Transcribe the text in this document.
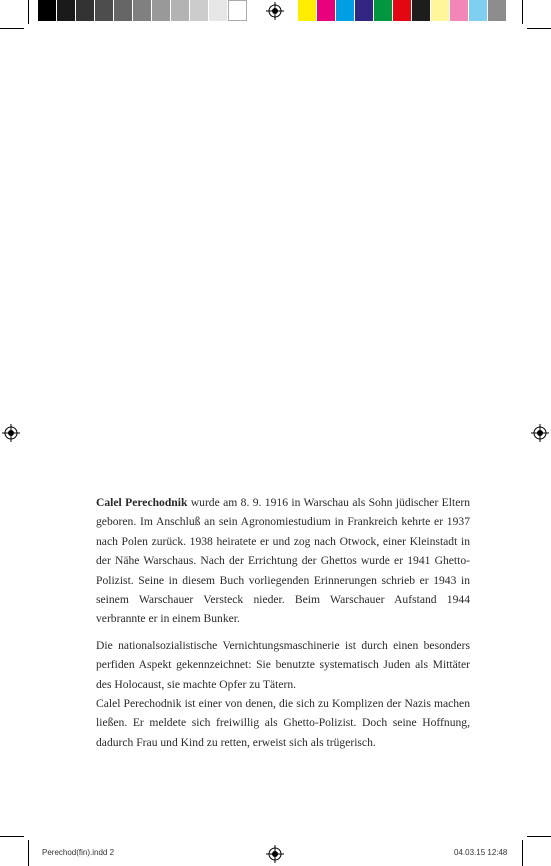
Calel Perechodnik wurde am 8. 9. 1916 in Warschau als Sohn jüdischer Eltern geboren. Im Anschluß an sein Agronomiestudium in Frankreich kehrte er 1937 nach Polen zurück. 1938 heiratete er und zog nach Otwock, einer Kleinstadt in der Nähe Warschaus. Nach der Errichtung der Ghettos wurde er 1941 Ghetto-Polizist. Seine in diesem Buch vorliegenden Erinnerungen schrieb er 1943 in seinem Warschauer Versteck nieder. Beim Warschauer Aufstand 1944 verbrannte er in einem Bunker.

Die nationalsozialistische Vernichtungsmaschinerie ist durch einen besonders perfiden Aspekt gekennzeichnet: Sie benutzte systematisch Juden als Mittäter des Holocaust, sie machte Opfer zu Tätern.

Calel Perechodnik ist einer von denen, die sich zu Komplizen der Nazis machen ließen. Er meldete sich freiwillig als Ghetto-Polizist. Doch seine Hoffnung, dadurch Frau und Kind zu retten, erweist sich als trügerisch.

Perechod(fin).indd 2	04.03.15 12:48
